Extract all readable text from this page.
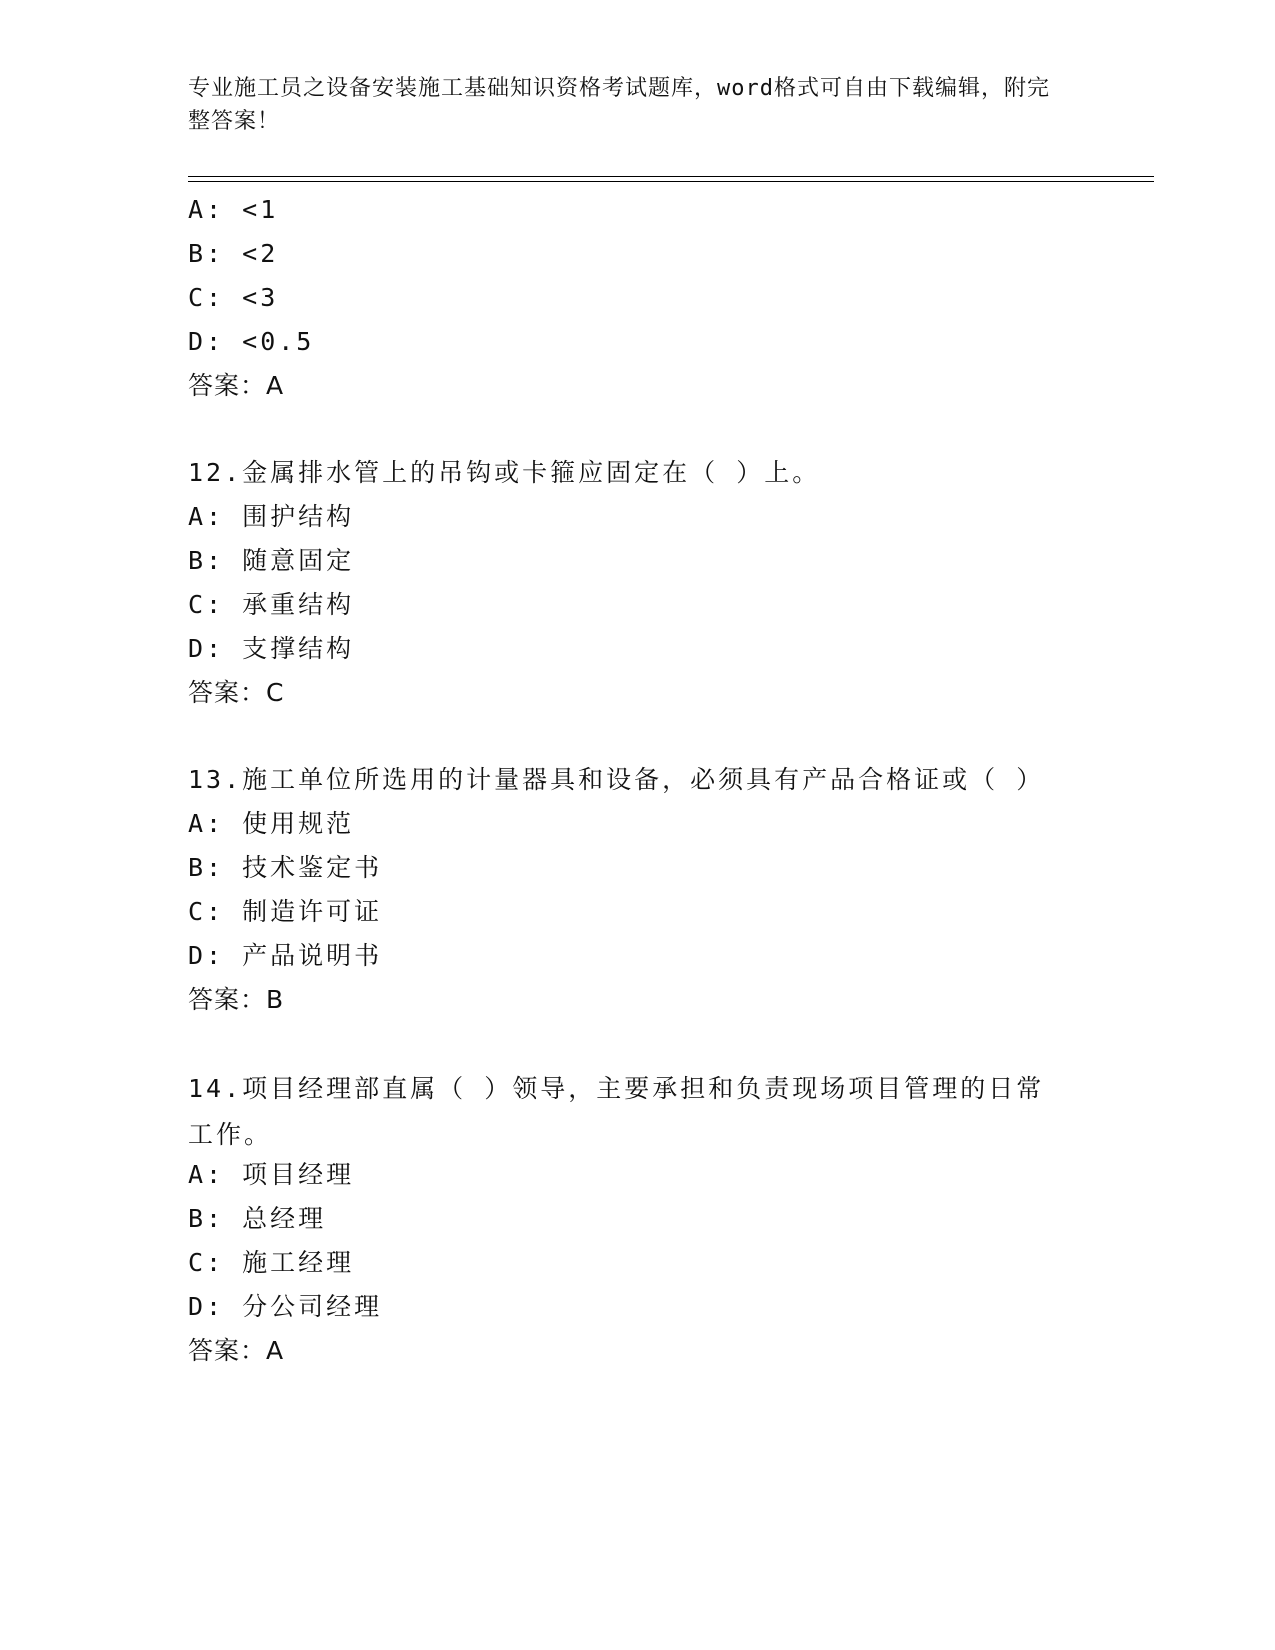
专业施工员之设备安装施工基础知识资格考试题库，word格式可自由下载编辑，附完整答案！
A: <1
B: <2
C: <3
D: <0.5
答案：A
12.金属排水管上的吊钩或卡箍应固定在（ ）上。
A: 围护结构
B: 随意固定
C: 承重结构
D: 支撑结构
答案：C
13.施工单位所选用的计量器具和设备，必须具有产品合格证或（ ）
A: 使用规范
B: 技术鉴定书
C: 制造许可证
D: 产品说明书
答案：B
14.项目经理部直属（ ）领导，主要承担和负责现场项目管理的日常工作。
A: 项目经理
B: 总经理
C: 施工经理
D: 分公司经理
答案：A
